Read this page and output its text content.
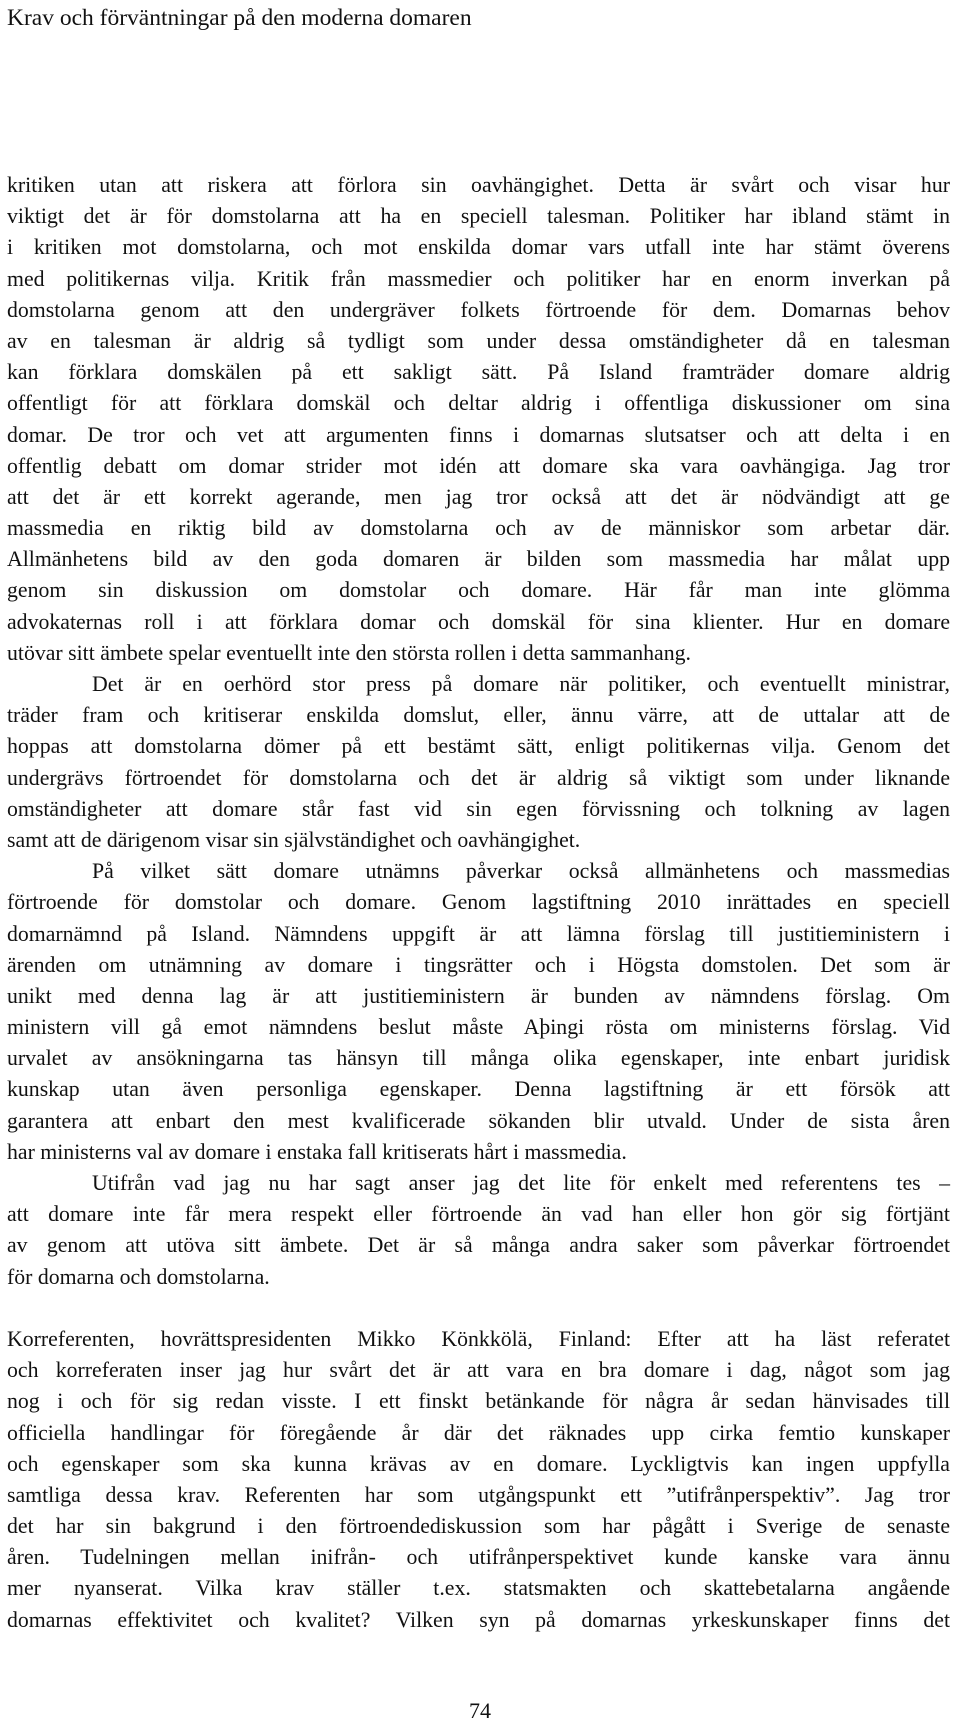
Krav och förväntningar på den moderna domaren
kritiken utan att riskera att förlora sin oavhängighet. Detta är svårt och visar hur
viktigt det är för domstolarna att ha en speciell talesman. Politiker har ibland stämt in
i kritiken mot domstolarna, och mot enskilda domar vars utfall inte har stämt överens
med politikernas vilja. Kritik från massmedier och politiker har en enorm inverkan på
domstolarna genom att den undergräver folkets förtroende för dem. Domarnas behov
av en talesman är aldrig så tydligt som under dessa omständigheter då en talesman
kan förklara domskälen på ett sakligt sätt. På Island framträder domare aldrig
offentligt för att förklara domskäl och deltar aldrig i offentliga diskussioner om sina
domar. De tror och vet att argumenten finns i domarnas slutsatser och att delta i en
offentlig debatt om domar strider mot idén att domare ska vara oavhängiga. Jag tror
att det är ett korrekt agerande, men jag tror också att det är nödvändigt att ge
massmedia en riktig bild av domstolarna och av de människor som arbetar där.
Allmänhetens bild av den goda domaren är bilden som massmedia har målat upp
genom sin diskussion om domstolar och domare. Här får man inte glömma
advokaternas roll i att förklara domar och domskäl för sina klienter. Hur en domare
utövar sitt ämbete spelar eventuellt inte den största rollen i detta sammanhang.
Det är en oerhörd stor press på domare när politiker, och eventuellt ministrar,
träder fram och kritiserar enskilda domslut, eller, ännu värre, att de uttalar att de
hoppas att domstolarna dömer på ett bestämt sätt, enligt politikernas vilja. Genom det
undergrävs förtroendet för domstolarna och det är aldrig så viktigt som under liknande
omständigheter att domare står fast vid sin egen förvissning och tolkning av lagen
samt att de därigenom visar sin självständighet och oavhängighet.
På vilket sätt domare utnämns påverkar också allmänhetens och massmedias
förtroende för domstolar och domare. Genom lagstiftning 2010 inrättades en speciell
domarnämnd på Island. Nämndens uppgift är att lämna förslag till justitieministern i
ärenden om utnämning av domare i tingsrätter och i Högsta domstolen. Det som är
unikt med denna lag är att justitieministern är bunden av nämndens förslag. Om
ministern vill gå emot nämndens beslut måste Aþingi rösta om ministerns förslag. Vid
urvalet av ansökningarna tas hänsyn till många olika egenskaper, inte enbart juridisk
kunskap utan även personliga egenskaper. Denna lagstiftning är ett försök att
garantera att enbart den mest kvalificerade sökanden blir utvald. Under de sista åren
har ministerns val av domare i enstaka fall kritiserats hårt i massmedia.
Utifrån vad jag nu har sagt anser jag det lite för enkelt med referentens tes –
att domare inte får mera respekt eller förtroende än vad han eller hon gör sig förtjänt
av genom att utöva sitt ämbete. Det är så många andra saker som påverkar förtroendet
för domarna och domstolarna.
Korreferenten, hovrättspresidenten Mikko Könkkölä, Finland: Efter att ha läst referatet
och korreferaten inser jag hur svårt det är att vara en bra domare i dag, något som jag
nog i och för sig redan visste. I ett finskt betänkande för några år sedan hänvisades till
officiella handlingar för föregående år där det räknades upp cirka femtio kunskaper
och egenskaper som ska kunna krävas av en domare. Lyckligtvis kan ingen uppfylla
samtliga dessa krav. Referenten har som utgångspunkt ett ”utifrånperspektiv”. Jag tror
det har sin bakgrund i den förtroendediskussion som har pågått i Sverige de senaste
åren. Tudelningen mellan inifrån- och utifrånperspektivet kunde kanske vara ännu
mer nyanserat. Vilka krav ställer t.ex. statsmakten och skattebetalarna angående
domarnas effektivitet och kvalitet? Vilken syn på domarnas yrkeskunskaper finns det
74
